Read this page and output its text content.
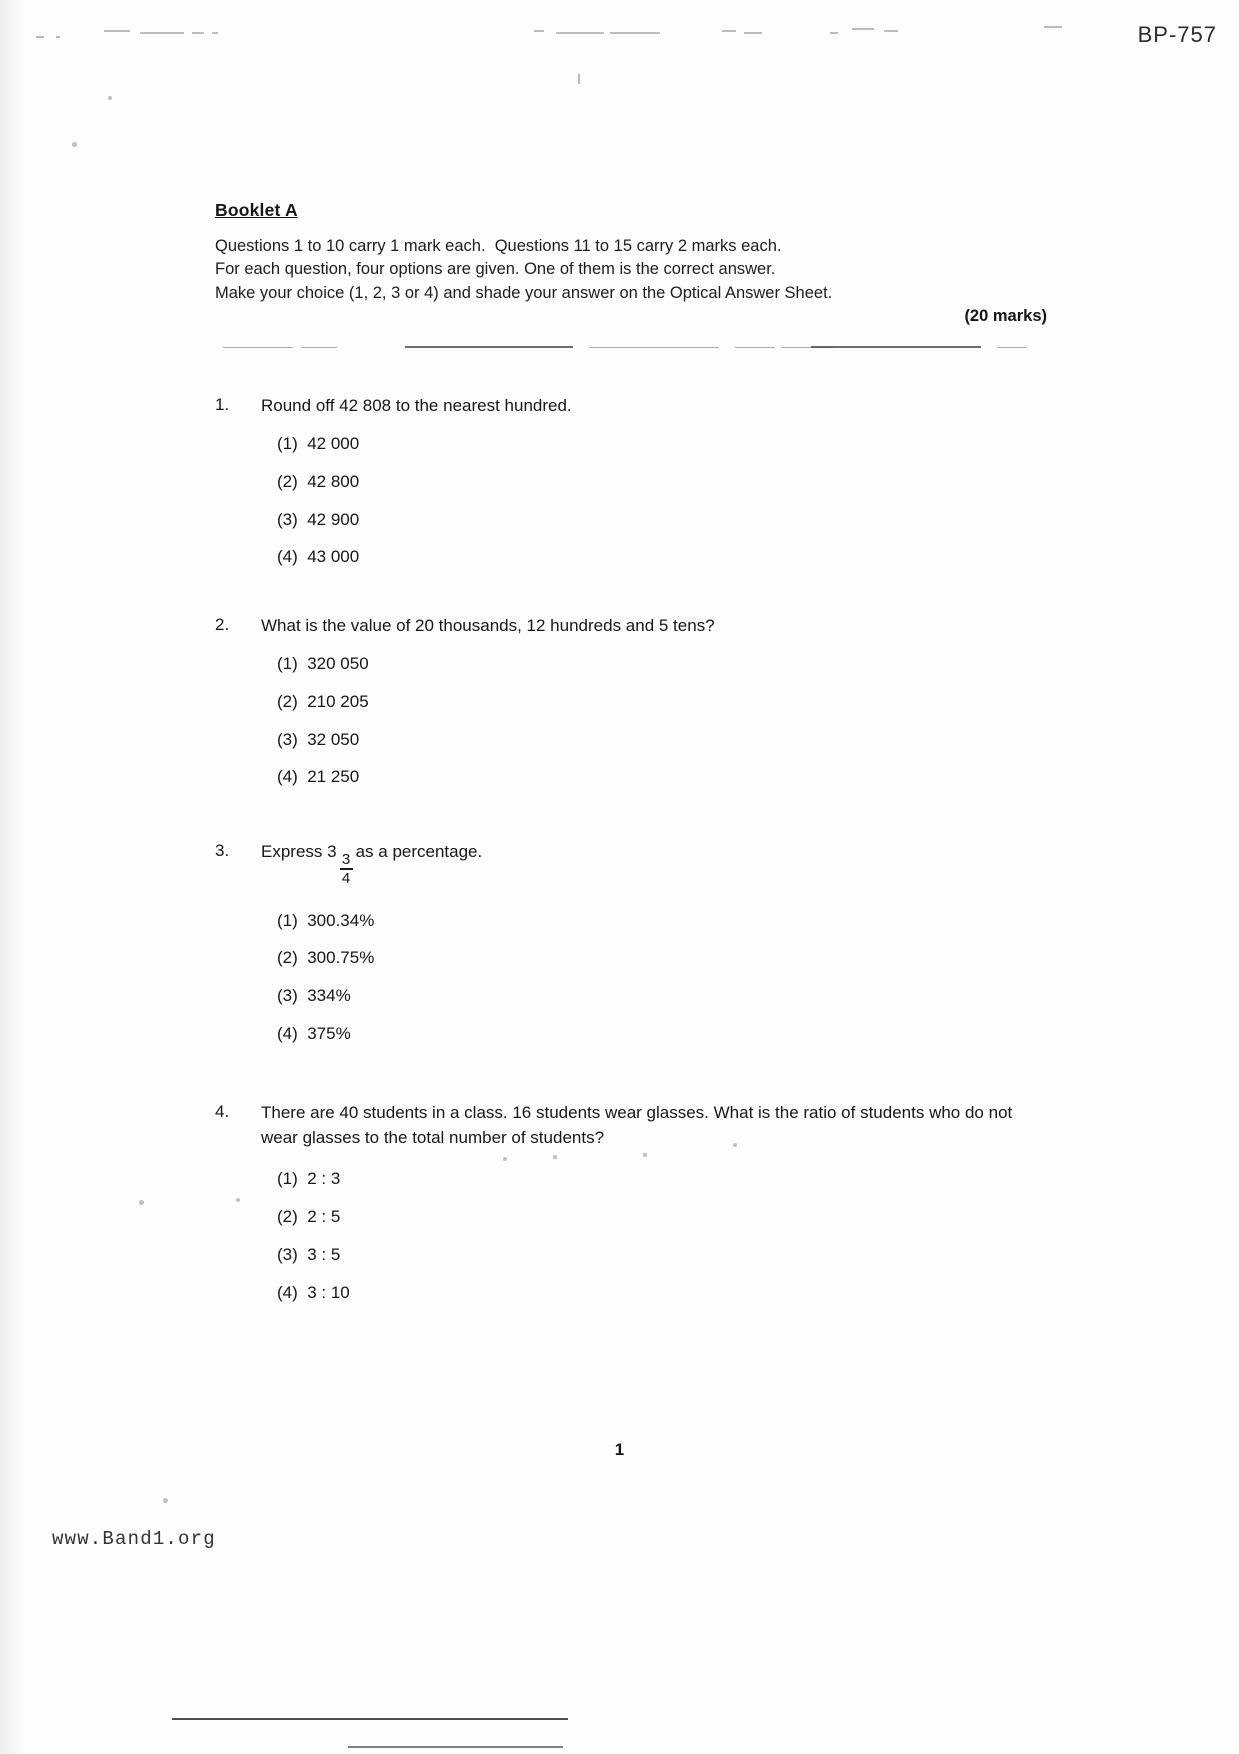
BP-757
Booklet A
Questions 1 to 10 carry 1 mark each.  Questions 11 to 15 carry 2 marks each.
For each question, four options are given. One of them is the correct answer.
Make your choice (1, 2, 3 or 4) and shade your answer on the Optical Answer Sheet.
(20 marks)
1.	Round off 42 808 to the nearest hundred.
(1)  42 000
(2)  42 800
(3)  42 900
(4)  43 000
2.	What is the value of 20 thousands, 12 hundreds and 5 tens?
(1)  320 050
(2)  210 205
(3)  32 050
(4)  21 250
3.	Express 3
$\frac{3}{4}$
as a percentage.
(1)  300.34%
(2)  300.75%
(3)  334%
(4)  375%
4.	There are 40 students in a class. 16 students wear glasses. What is the ratio of students who do not wear glasses to the total number of students?
(1)  2 : 3
(2)  2 : 5
(3)  3 : 5
(4)  3 : 10
1
www.Band1.org
